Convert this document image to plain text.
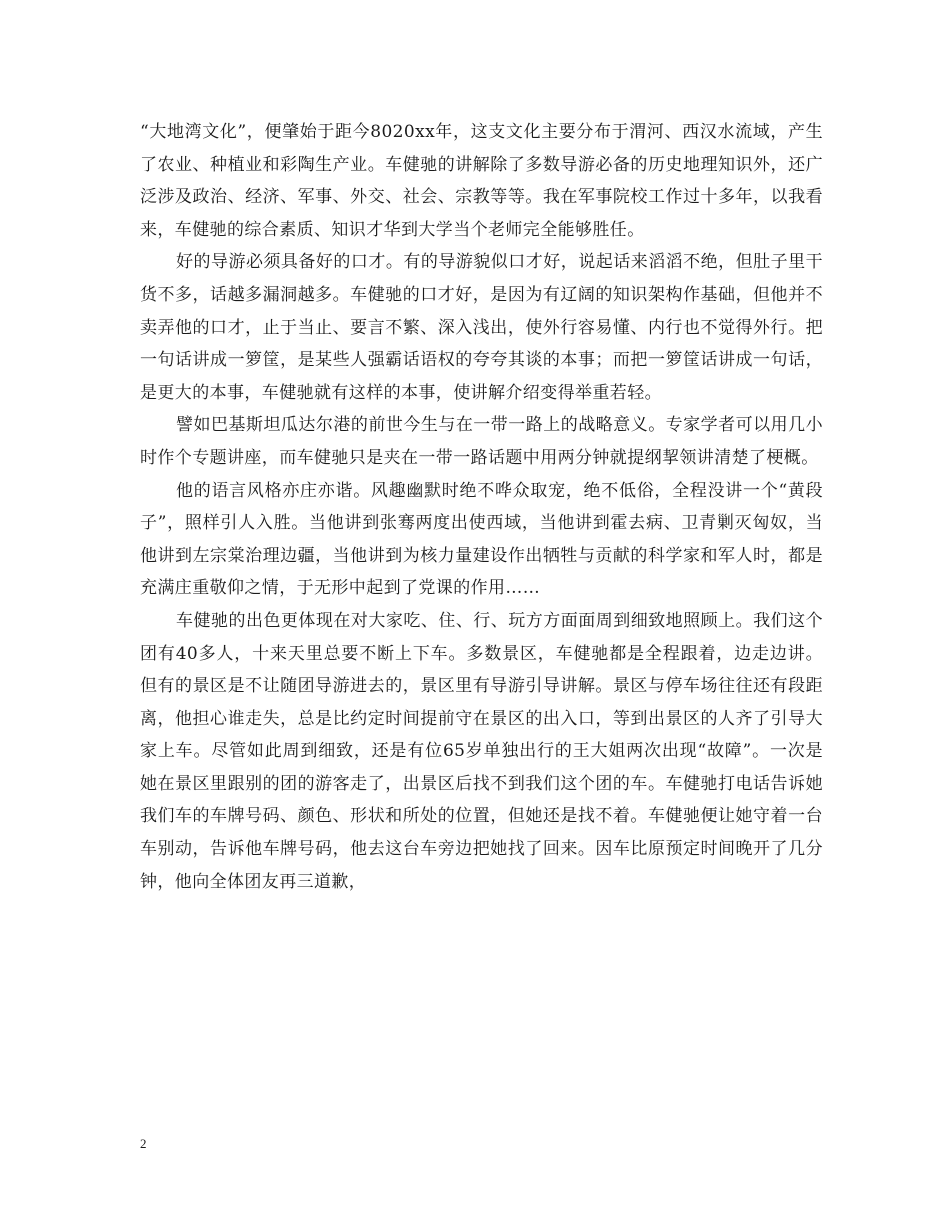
“大地湾文化”，便肇始于距今8020xx年，这支文化主要分布于渭河、西汉水流域，产生了农业、种植业和彩陶生产业。车健驰的讲解除了多数导游必备的历史地理知识外，还广泛涉及政治、经济、军事、外交、社会、宗教等等。我在军事院校工作过十多年，以我看来，车健驰的综合素质、知识才华到大学当个老师完全能够胜任。

好的导游必须具备好的口才。有的导游貌似口才好，说起话来滔滔不绝，但肚子里干货不多，话越多漏洞越多。车健驰的口才好，是因为有辽阔的知识架构作基础，但他并不卖弄他的口才，止于当止、要言不繁、深入浅出，使外行容易懂、内行也不觉得外行。把一句话讲成一箩筐，是某些人强霸话语权的夸夸其谈的本事；而把一箩筐话讲成一句话，是更大的本事，车健驰就有这样的本事，使讲解介绍变得举重若轻。

譬如巴基斯坦瓜达尔港的前世今生与在一带一路上的战略意义。专家学者可以用几小时作个专题讲座，而车健驰只是夹在一带一路话题中用两分钟就提纲挈领讲清楚了梗概。

他的语言风格亦庄亦谐。风趣幽默时绝不哗众取宠，绝不低俗，全程没讲一个“黄段子”，照样引人入胜。当他讲到张骞两度出使西域，当他讲到霍去病、卫青剿灭匈奴，当他讲到左宗棠治理边疆，当他讲到为核力量建设作出牺牲与贡献的科学家和军人时，都是充满庄重敬仰之情，于无形中起到了党课的作用……

车健驰的出色更体现在对大家吃、住、行、玩方方面面周到细致地照顾上。我们这个团有40多人，十来天里总要不断上下车。多数景区，车健驰都是全程跟着，边走边讲。但有的景区是不让随团导游进去的，景区里有导游引导讲解。景区与停车场往往还有段距离，他担心谁走失，总是比约定时间提前守在景区的出入口，等到出景区的人齐了引导大家上车。尽管如此周到细致，还是有位65岁单独出行的王大姐两次出现“故障”。一次是她在景区里跟别的团的游客走了，出景区后找不到我们这个团的车。车健驰打电话告诉她我们车的车牌号码、颜色、形状和所处的位置，但她还是找不着。车健驰便让她守着一台车别动，告诉他车牌号码，他去这台车旁边把她找了回来。因车比原预定时间晚开了几分钟，他向全体团友再三道歉，

2
